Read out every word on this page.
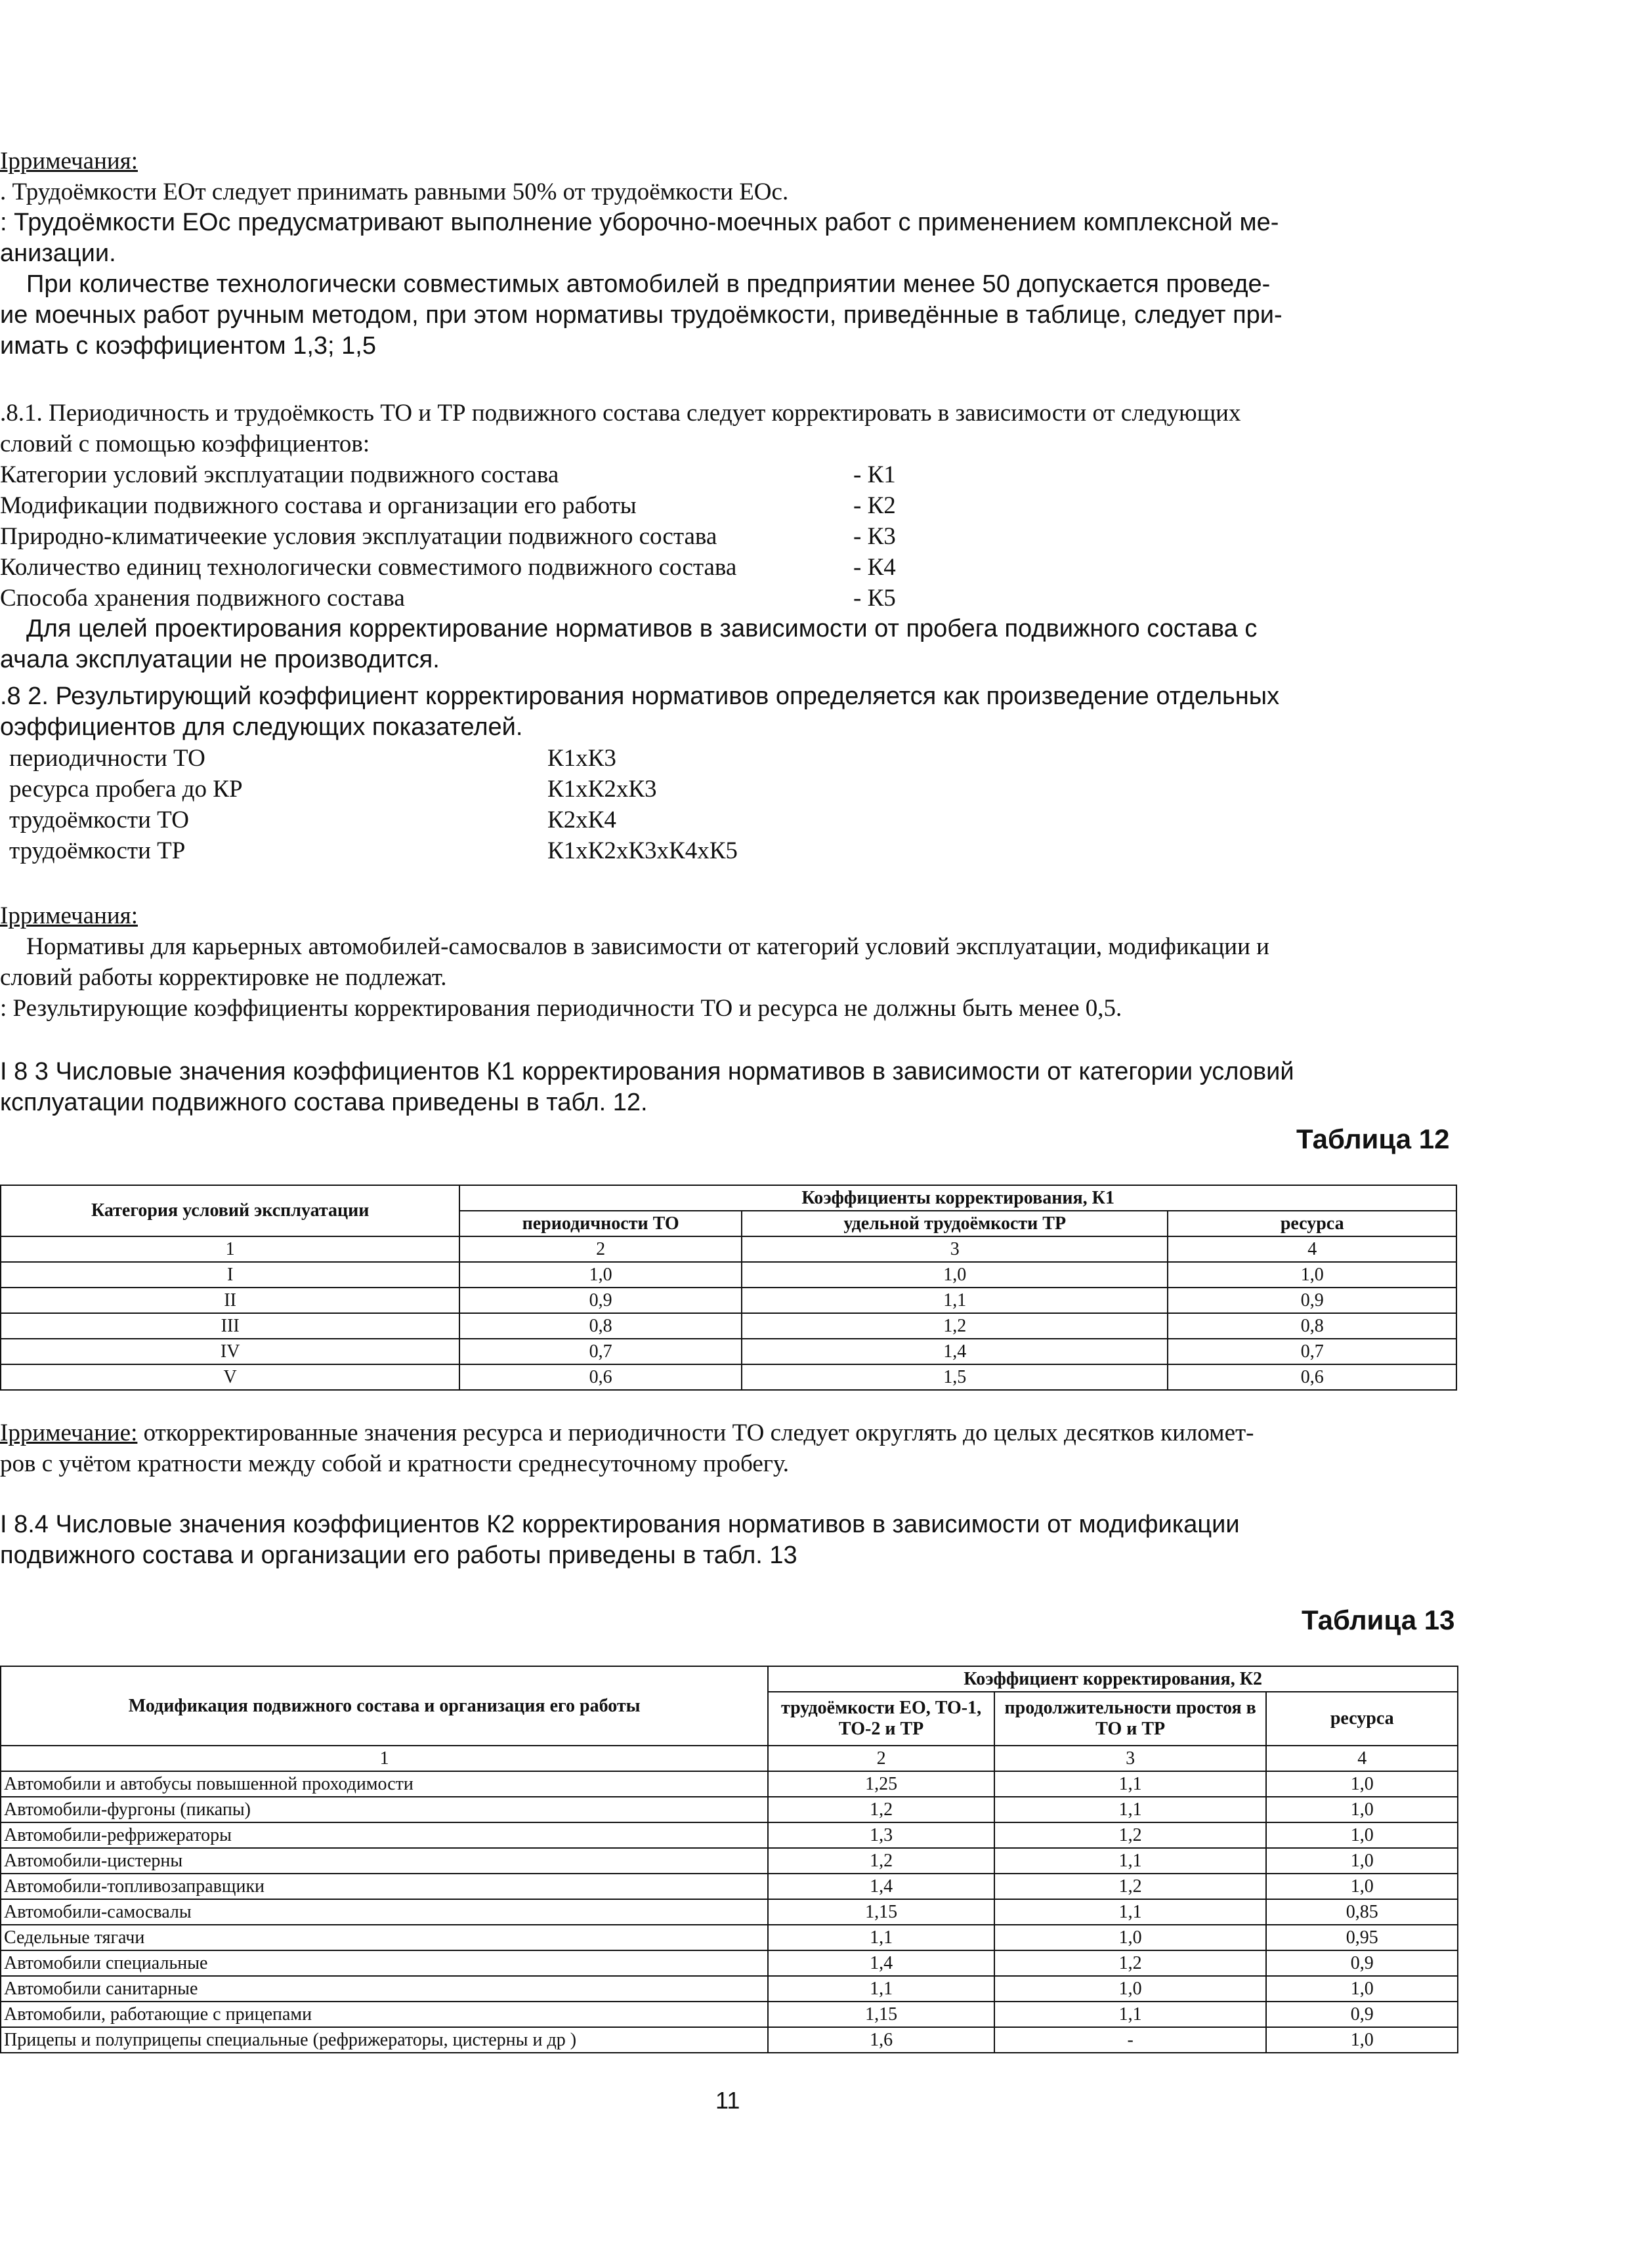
Ірримечания:

. Трудоёмкости ЕОт следует принимать равными 50% от трудоёмкости ЕОс.

: Трудоёмкости ЕОс предусматривают выполнение уборочно-моечных работ с применением комплексной ме-

анизации.

При количестве технологически совместимых автомобилей в предприятии менее 50 допускается проведе-

ие моечных работ ручным методом, при этом нормативы трудоёмкости, приведённые в таблице, следует при-

имать с коэффициентом 1,3; 1,5

.8.1. Периодичность и трудоёмкость ТО и ТР подвижного состава следует корректировать в зависимости от следующих

словий с помощью коэффициентов:

Категории условий эксплуатации подвижного состава	- К1
Модификации подвижного состава и организации его работы	- К2
Природно-климатичеекие условия эксплуатации подвижного состава	- К3
Количество единиц технологически совместимого подвижного состава	- К4
Способа хранения подвижного состава	- К5

Для целей проектирования корректирование нормативов в зависимости от пробега подвижного состава с

ачала эксплуатации не производится.

.8 2. Результирующий коэффициент корректирования нормативов определяется как произведение отдельных

оэффициентов для следующих показателей.

периодичности ТО	К1хК3
ресурса пробега до КР	К1хК2хК3
трудоёмкости ТО	К2хК4
трудоёмкости ТР	К1хК2хК3хК4хК5

Ірримечания:

Нормативы для карьерных автомобилей-самосвалов в зависимости от категорий условий эксплуатации, модификации и

словий работы корректировке не подлежат.

: Результирующие коэффициенты корректирования периодичности ТО и ресурса не должны быть менее 0,5.

І 8 3 Числовые значения коэффициентов К1 корректирования нормативов в зависимости от категории условий

ксплуатации подвижного состава приведены в табл. 12.

Таблица 12
Категория условий эксплуатации	Коэффициенты корректирования, К1		
	периодичности ТО	удельной трудоёмкости ТР	ресурса
1	2	3	4
I	1,0	1,0	1,0
II	0,9	1,1	0,9
III	0,8	1,2	0,8
IV	0,7	1,4	0,7
V	0,6	1,5	0,6

Ірримечание: откорректированные значения ресурса и периодичности ТО следует округлять до целых десятков километ-

ров с учётом кратности между собой и кратности среднесуточному пробегу.

І 8.4 Числовые значения коэффициентов К2 корректирования нормативов в зависимости от модификации

подвижного состава и организации его работы приведены в табл. 13

Таблица 13
Модификация подвижного состава и организация его работы	Коэффициент корректирования, К2		
	трудоёмкости ЕО, ТО-1, ТО-2 и ТР	продолжительности простоя в ТО и ТР	ресурса
1	2	3	4
Автомобили и автобусы повышенной проходимости	1,25	1,1	1,0
Автомобили-фургоны (пикапы)	1,2	1,1	1,0
Автомобили-рефрижераторы	1,3	1,2	1,0
Автомобили-цистерны	1,2	1,1	1,0
Автомобили-топливозаправщики	1,4	1,2	1,0
Автомобили-самосвалы	1,15	1,1	0,85
Седельные тягачи	1,1	1,0	0,95
Автомобили специальные	1,4	1,2	0,9
Автомобили санитарные	1,1	1,0	1,0
Автомобили, работающие с прицепами	1,15	1,1	0,9
Прицепы и полуприцепы специальные (рефрижераторы, цистерны и др )	1,6	-	1,0
11
